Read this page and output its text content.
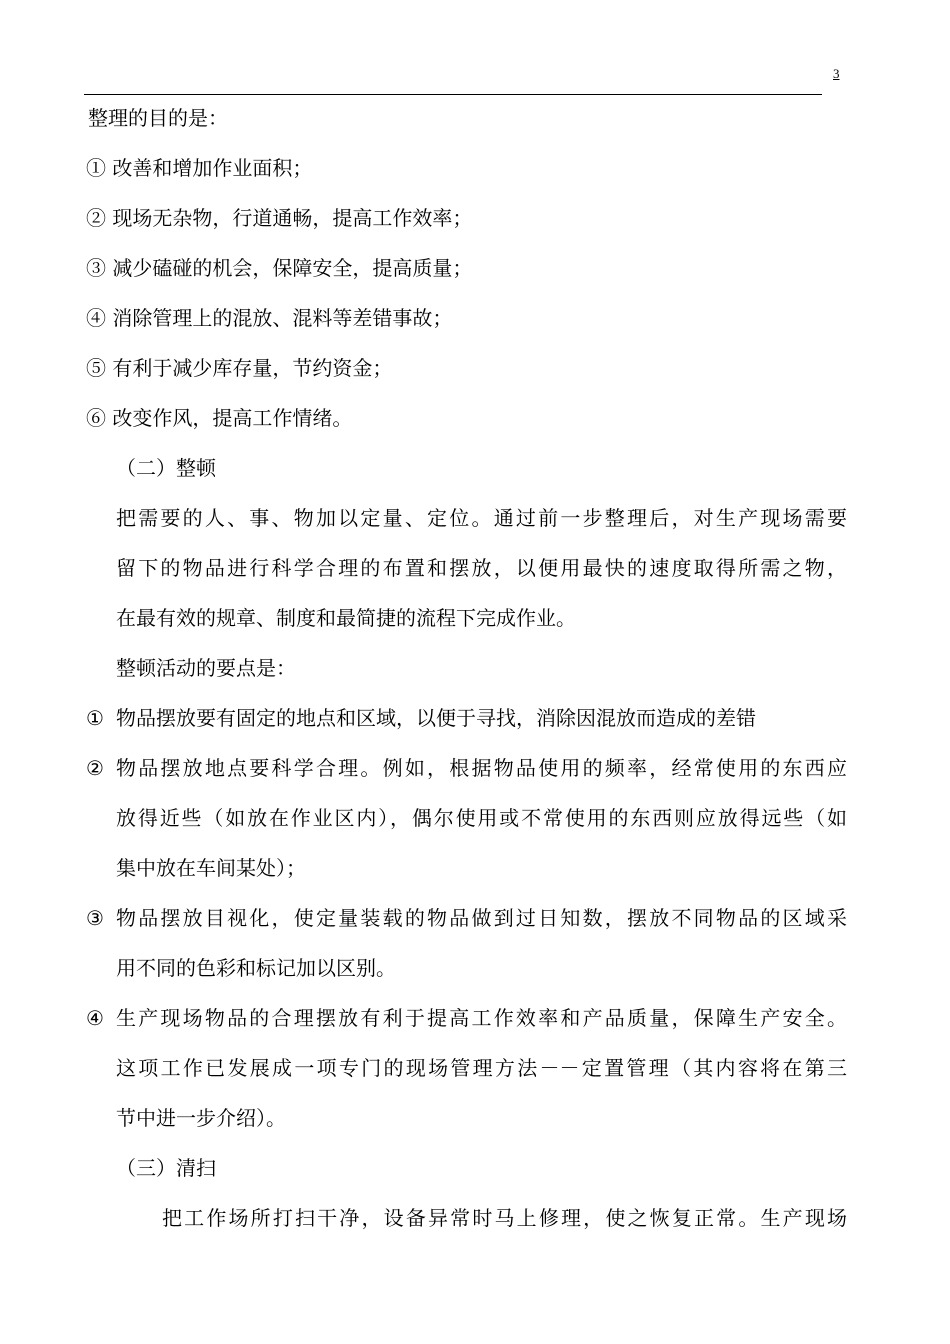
3
整理的目的是：
① 改善和增加作业面积；
② 现场无杂物，行道通畅，提高工作效率；
③ 减少磕碰的机会，保障安全，提高质量；
④ 消除管理上的混放、混料等差错事故；
⑤ 有利于减少库存量，节约资金；
⑥ 改变作风，提高工作情绪。
（二）整顿
把需要的人、事、物加以定量、定位。通过前一步整理后，对生产现场需要
留下的物品进行科学合理的布置和摆放，以便用最快的速度取得所需之物，
在最有效的规章、制度和最简捷的流程下完成作业。
整顿活动的要点是：
① 物品摆放要有固定的地点和区域，以便于寻找，消除因混放而造成的差错
② 物品摆放地点要科学合理。例如，根据物品使用的频率，经常使用的东西应
放得近些（如放在作业区内），偶尔使用或不常使用的东西则应放得远些（如
集中放在车间某处）；
③ 物品摆放目视化，使定量装载的物品做到过日知数，摆放不同物品的区域采
用不同的色彩和标记加以区别。
④ 生产现场物品的合理摆放有利于提高工作效率和产品质量，保障生产安全。
这项工作已发展成一项专门的现场管理方法－－定置管理（其内容将在第三
节中进一步介绍）。
（三）清扫
把工作场所打扫干净，设备异常时马上修理，使之恢复正常。生产现场
